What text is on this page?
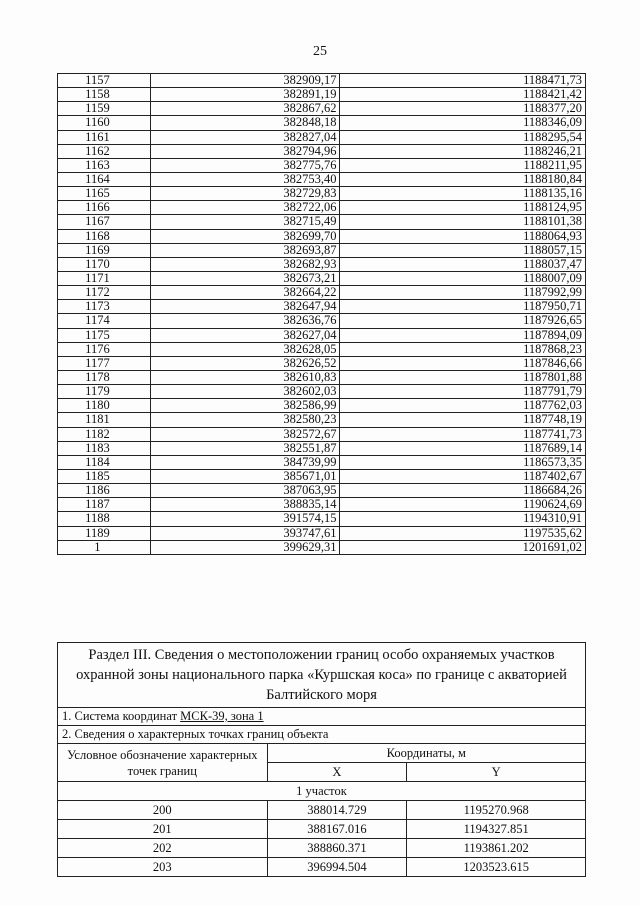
25
1157	382909,17	1188471,73
1158	382891,19	1188421,42
1159	382867,62	1188377,20
1160	382848,18	1188346,09
1161	382827,04	1188295,54
1162	382794,96	1188246,21
1163	382775,76	1188211,95
1164	382753,40	1188180,84
1165	382729,83	1188135,16
1166	382722,06	1188124,95
1167	382715,49	1188101,38
1168	382699,70	1188064,93
1169	382693,87	1188057,15
1170	382682,93	1188037,47
1171	382673,21	1188007,09
1172	382664,22	1187992,99
1173	382647,94	1187950,71
1174	382636,76	1187926,65
1175	382627,04	1187894,09
1176	382628,05	1187868,23
1177	382626,52	1187846,66
1178	382610,83	1187801,88
1179	382602,03	1187791,79
1180	382586,99	1187762,03
1181	382580,23	1187748,19
1182	382572,67	1187741,73
1183	382551,87	1187689,14
1184	384739,99	1186573,35
1185	385671,01	1187402,67
1186	387063,95	1186684,26
1187	388835,14	1190624,69
1188	391574,15	1194310,91
1189	393747,61	1197535,62
1	399629,31	1201691,02
Раздел III. Сведения о местоположении границ особо охраняемых участков охранной зоны национального парка «Куршская коса» по границе с акваторией Балтийского моря		
1. Система координат МСК-39, зона 1		
2. Сведения о характерных точках границ объекта		
Условное обозначение характерных точек границ	Координаты, м	
	X	Y
1 участок		
200	388014.729	1195270.968
201	388167.016	1194327.851
202	388860.371	1193861.202
203	396994.504	1203523.615
